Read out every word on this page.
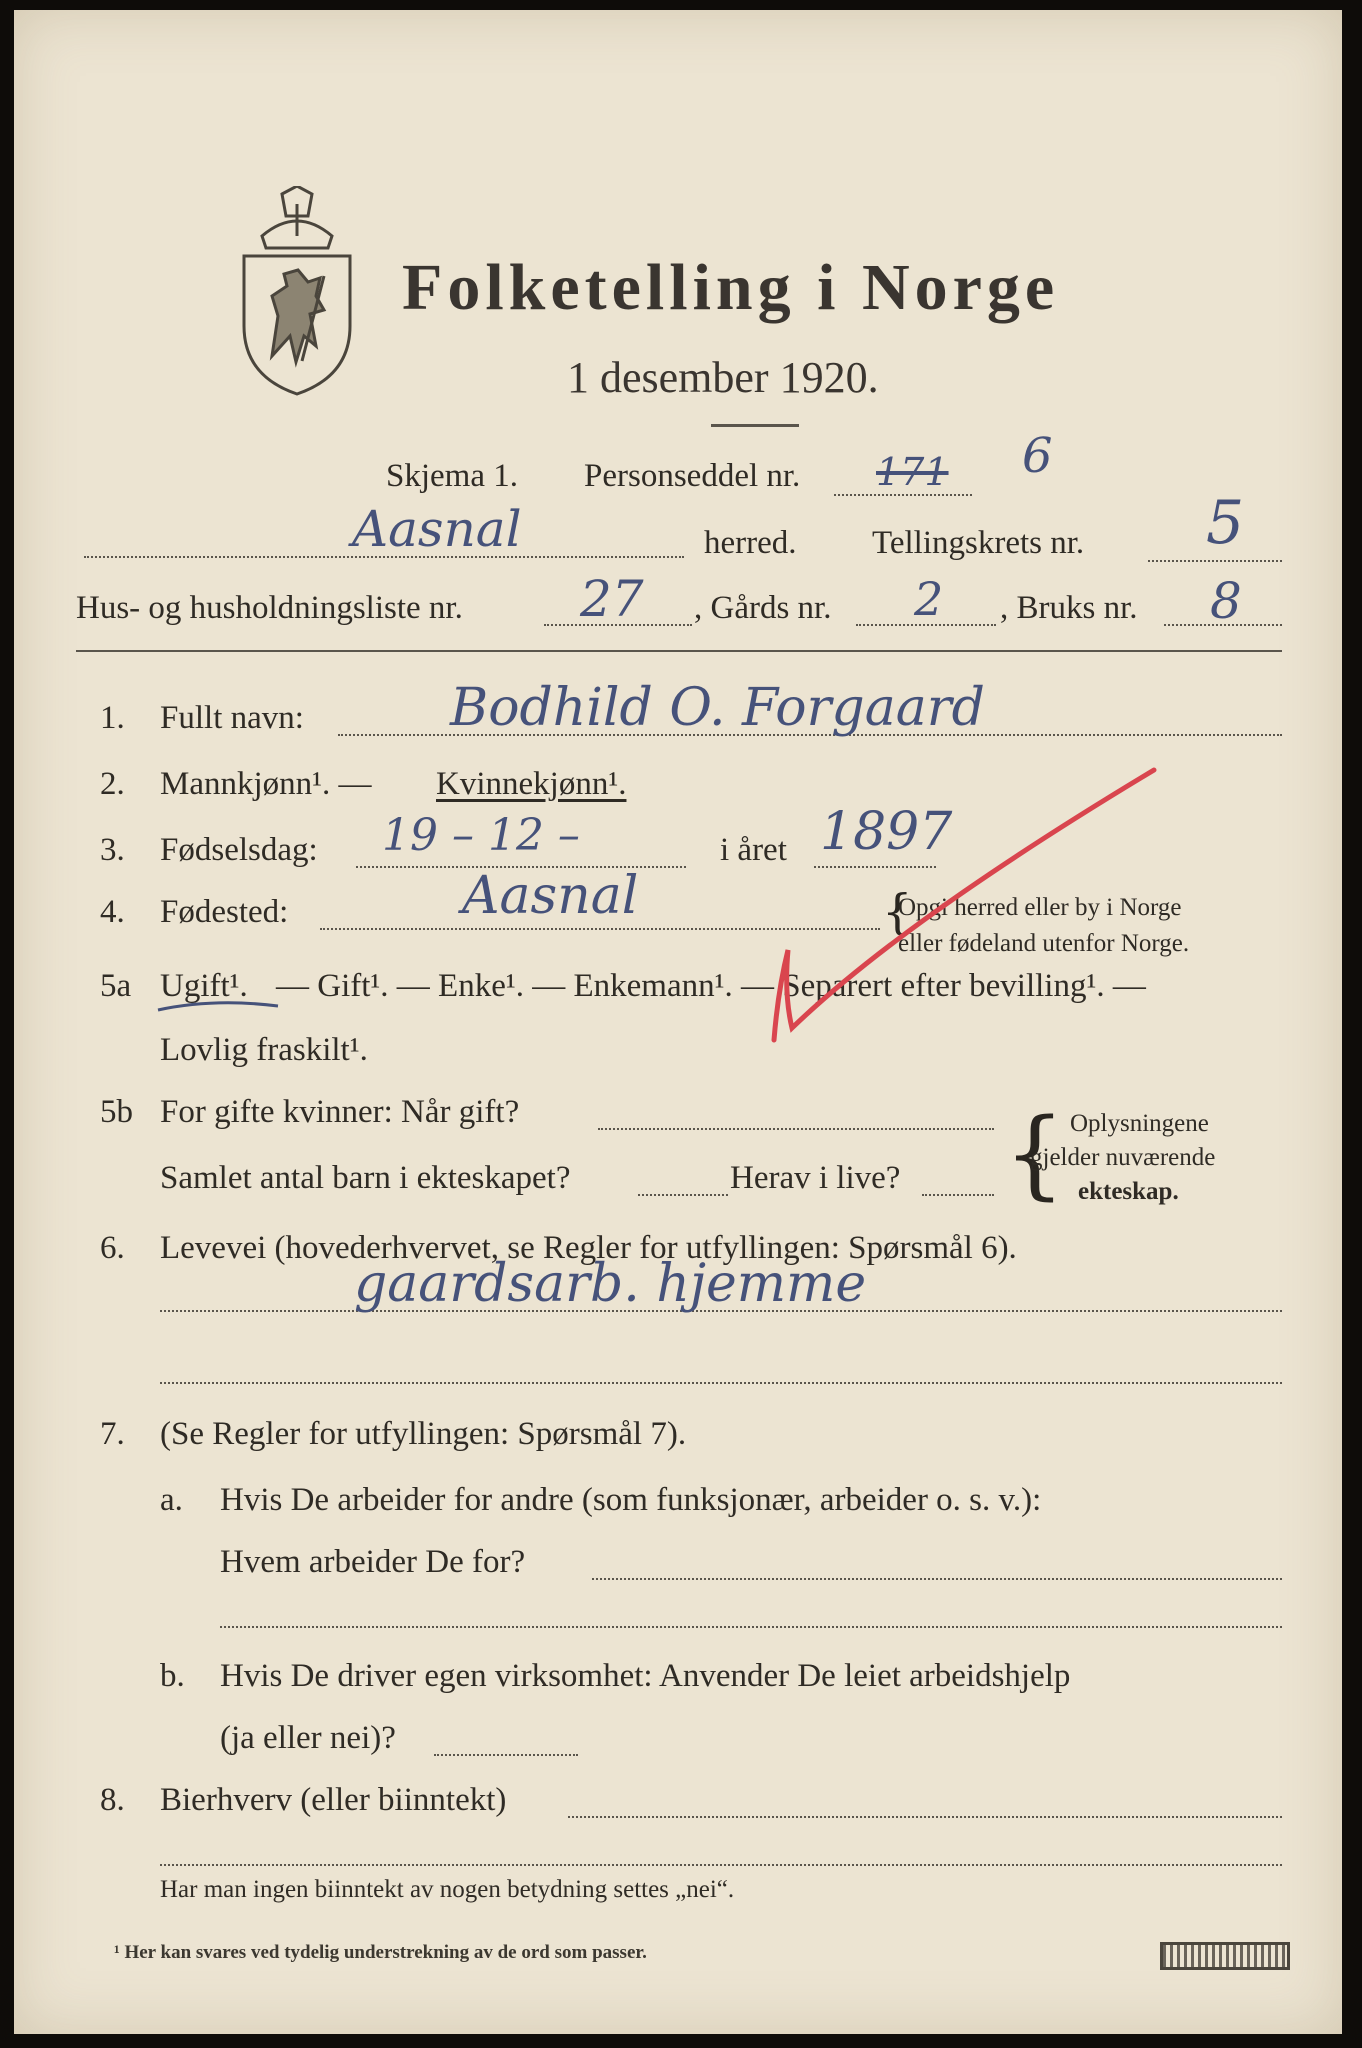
Folketelling i Norge
1 desember 1920.
Skjema 1. Personseddel nr. 171 6
Aasnal	herred. Tellingskrets nr. 5
Hus- og husholdningsliste nr. 27 , Gårds nr. 2 , Bruks nr. 8
1. Fullt navn:	Bodhild O. Forgaard
2. Mannkjønn¹. — Kvinnekjønn¹.
3. Fødselsdag: 19 – 12 –	i året 1897
4. Fødested:	Aasnal	{
Opgi herred eller by i Norge
eller fødeland utenfor Norge.
5a Ugift¹. — Gift¹. — Enke¹. — Enkemann¹. — Separert efter bevilling¹. —
Lovlig fraskilt¹.
5b For gifte kvinner: Når gift?
Samlet antal barn i ekteskapet?	Herav i live? { Oplysningene
gjelder nuværende
ekteskap.
6. Levevei (hovederhvervet, se Regler for utfyllingen: Spørsmål 6).
gaardsarb. hjemme
7. (Se Regler for utfyllingen: Spørsmål 7).
a. Hvis De arbeider for andre (som funksjonær, arbeider o. s. v.):
Hvem arbeider De for?
b. Hvis De driver egen virksomhet: Anvender De leiet arbeidshjelp
(ja eller nei)?
8. Bierhverv (eller biinntekt)
Har man ingen biinntekt av nogen betydning settes „nei“.
¹ Her kan svares ved tydelig understrekning av de ord som passer.
